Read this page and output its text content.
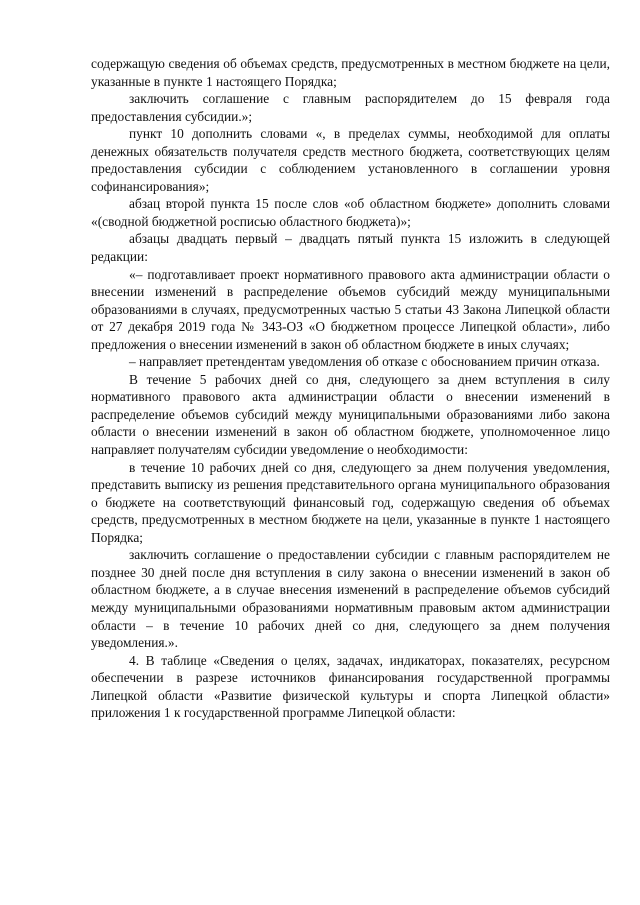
содержащую сведения об объемах средств, предусмотренных в местном бюджете на цели, указанные в пункте 1 настоящего Порядка;

заключить соглашение с главным распорядителем до 15 февраля года предоставления субсидии.»;

пункт 10 дополнить словами «, в пределах суммы, необходимой для оплаты денежных обязательств получателя средств местного бюджета, соответствующих целям предоставления субсидии с соблюдением установленного в соглашении уровня софинансирования»;

абзац второй пункта 15 после слов «об областном бюджете» дополнить словами «(сводной бюджетной росписью областного бюджета)»;

абзацы двадцать первый – двадцать пятый пункта 15 изложить в следующей редакции:

«– подготавливает проект нормативного правового акта администрации области о внесении изменений в распределение объемов субсидий между муниципальными образованиями в случаях, предусмотренных частью 5 статьи 43 Закона Липецкой области от 27 декабря 2019 года № 343-ОЗ «О бюджетном процессе Липецкой области», либо предложения о внесении изменений в закон об областном бюджете в иных случаях;

– направляет претендентам уведомления об отказе с обоснованием причин отказа.

В течение 5 рабочих дней со дня, следующего за днем вступления в силу нормативного правового акта администрации области о внесении изменений в распределение объемов субсидий между муниципальными образованиями либо закона области о внесении изменений в закон об областном бюджете, уполномоченное лицо направляет получателям субсидии уведомление о необходимости:

в течение 10 рабочих дней со дня, следующего за днем получения уведомления, представить выписку из решения представительного органа муниципального образования о бюджете на соответствующий финансовый год, содержащую сведения об объемах средств, предусмотренных в местном бюджете на цели, указанные в пункте 1 настоящего Порядка;

заключить соглашение о предоставлении субсидии с главным распорядителем не позднее 30 дней после дня вступления в силу закона о внесении изменений в закон об областном бюджете, а в случае внесения изменений в распределение объемов субсидий между муниципальными образованиями нормативным правовым актом администрации области – в течение 10 рабочих дней со дня, следующего за днем получения уведомления.».

4. В таблице «Сведения о целях, задачах, индикаторах, показателях, ресурсном обеспечении в разрезе источников финансирования государственной программы Липецкой области «Развитие физической культуры и спорта Липецкой области» приложения 1 к государственной программе Липецкой области:
